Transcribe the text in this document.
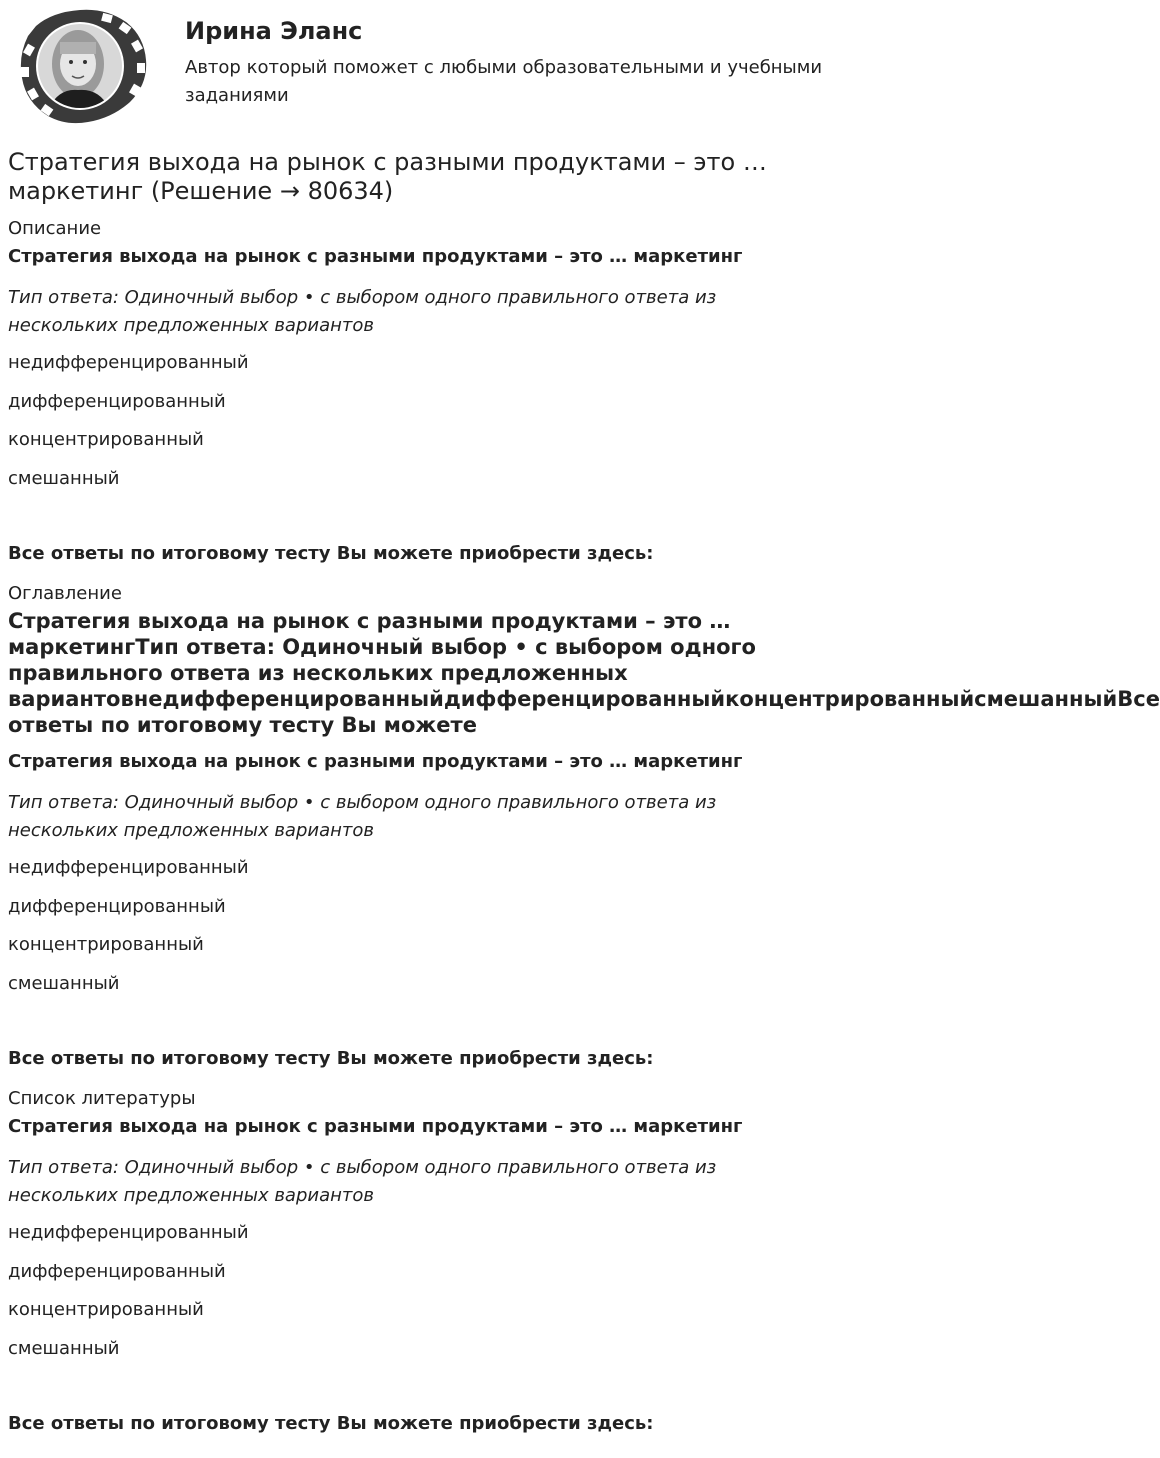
Ирина Эланс
Автор который поможет с любыми образовательными и учебными заданиями
Стратегия выхода на рынок с разными продуктами – это … маркетинг (Решение → 80634)
Описание
Стратегия выхода на рынок с разными продуктами – это … маркетинг
Тип ответа: Одиночный выбор • с выбором одного правильного ответа из нескольких предложенных вариантов
недифференцированный
дифференцированный
концентрированный
смешанный
Все ответы по итоговому тесту Вы можете приобрести здесь:
Оглавление
Стратегия выхода на рынок с разными продуктами – это …
маркетингТип ответа: Одиночный выбор • с выбором одного
правильного ответа из нескольких предложенных
вариантовнедифференцированныйдифференцированныйконцентрированныйсмешанныйВсе
ответы по итоговому тесту Вы можете
Стратегия выхода на рынок с разными продуктами – это … маркетинг
Тип ответа: Одиночный выбор • с выбором одного правильного ответа из нескольких предложенных вариантов
недифференцированный
дифференцированный
концентрированный
смешанный
Все ответы по итоговому тесту Вы можете приобрести здесь:
Список литературы
Стратегия выхода на рынок с разными продуктами – это … маркетинг
Тип ответа: Одиночный выбор • с выбором одного правильного ответа из нескольких предложенных вариантов
недифференцированный
дифференцированный
концентрированный
смешанный
Все ответы по итоговому тесту Вы можете приобрести здесь:
